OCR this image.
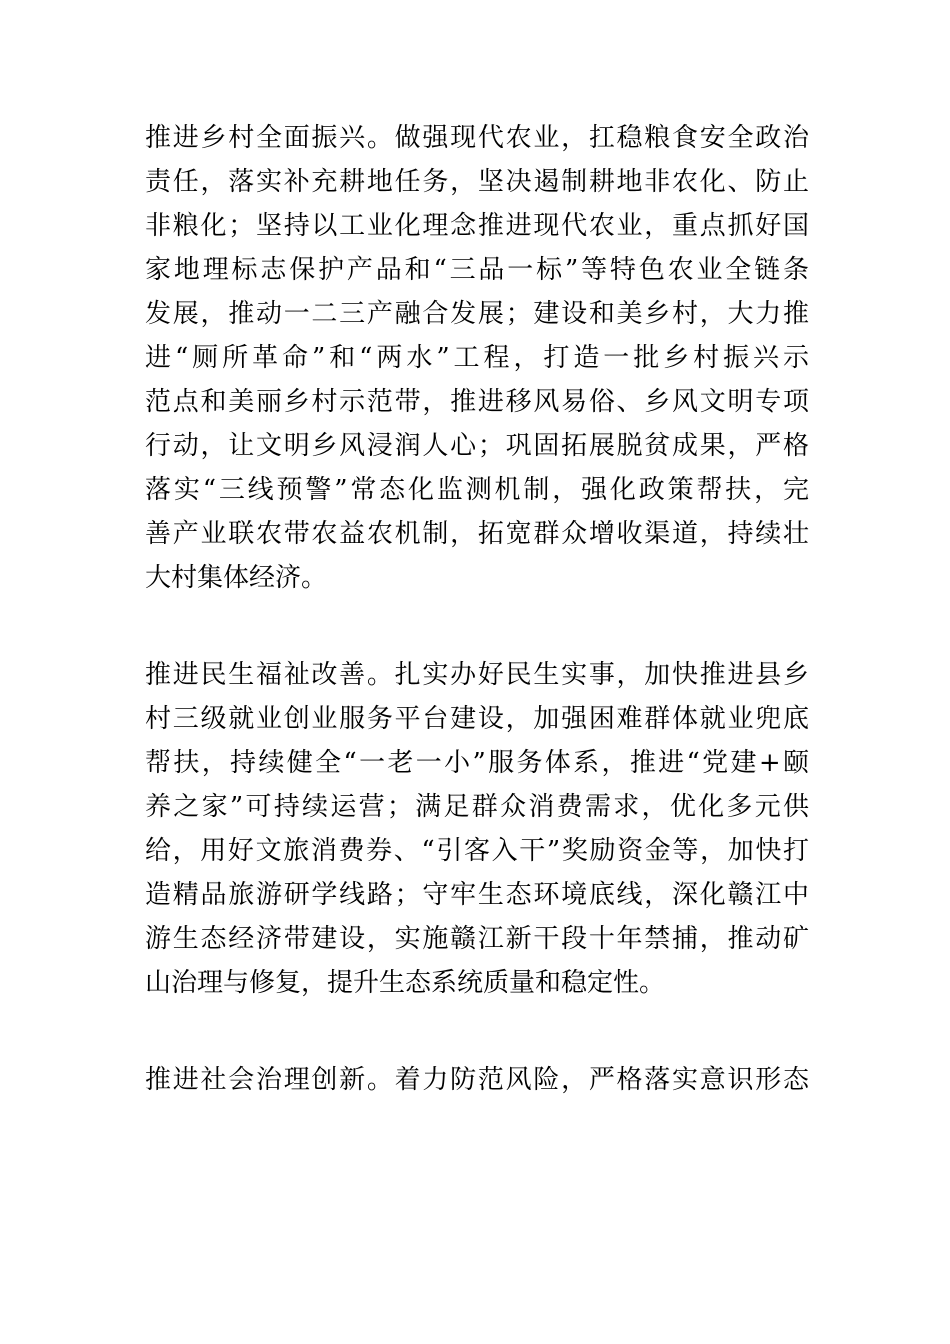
推进乡村全面振兴。做强现代农业，扛稳粮食安全政治
责任，落实补充耕地任务，坚决遏制耕地非农化、防止
非粮化；坚持以工业化理念推进现代农业，重点抓好国
家地理标志保护产品和“三品一标”等特色农业全链条
发展，推动一二三产融合发展；建设和美乡村，大力推
进“厕所革命”和“两水”工程，打造一批乡村振兴示
范点和美丽乡村示范带，推进移风易俗、乡风文明专项
行动，让文明乡风浸润人心；巩固拓展脱贫成果，严格
落实“三线预警”常态化监测机制，强化政策帮扶，完
善产业联农带农益农机制，拓宽群众增收渠道，持续壮
大村集体经济。

推进民生福祉改善。扎实办好民生实事，加快推进县乡
村三级就业创业服务平台建设，加强困难群体就业兜底
帮扶，持续健全“一老一小”服务体系，推进“党建+颐
养之家”可持续运营；满足群众消费需求，优化多元供
给，用好文旅消费券、“引客入干”奖励资金等，加快打
造精品旅游研学线路；守牢生态环境底线，深化赣江中
游生态经济带建设，实施赣江新干段十年禁捕，推动矿
山治理与修复，提升生态系统质量和稳定性。

推进社会治理创新。着力防范风险，严格落实意识形态
